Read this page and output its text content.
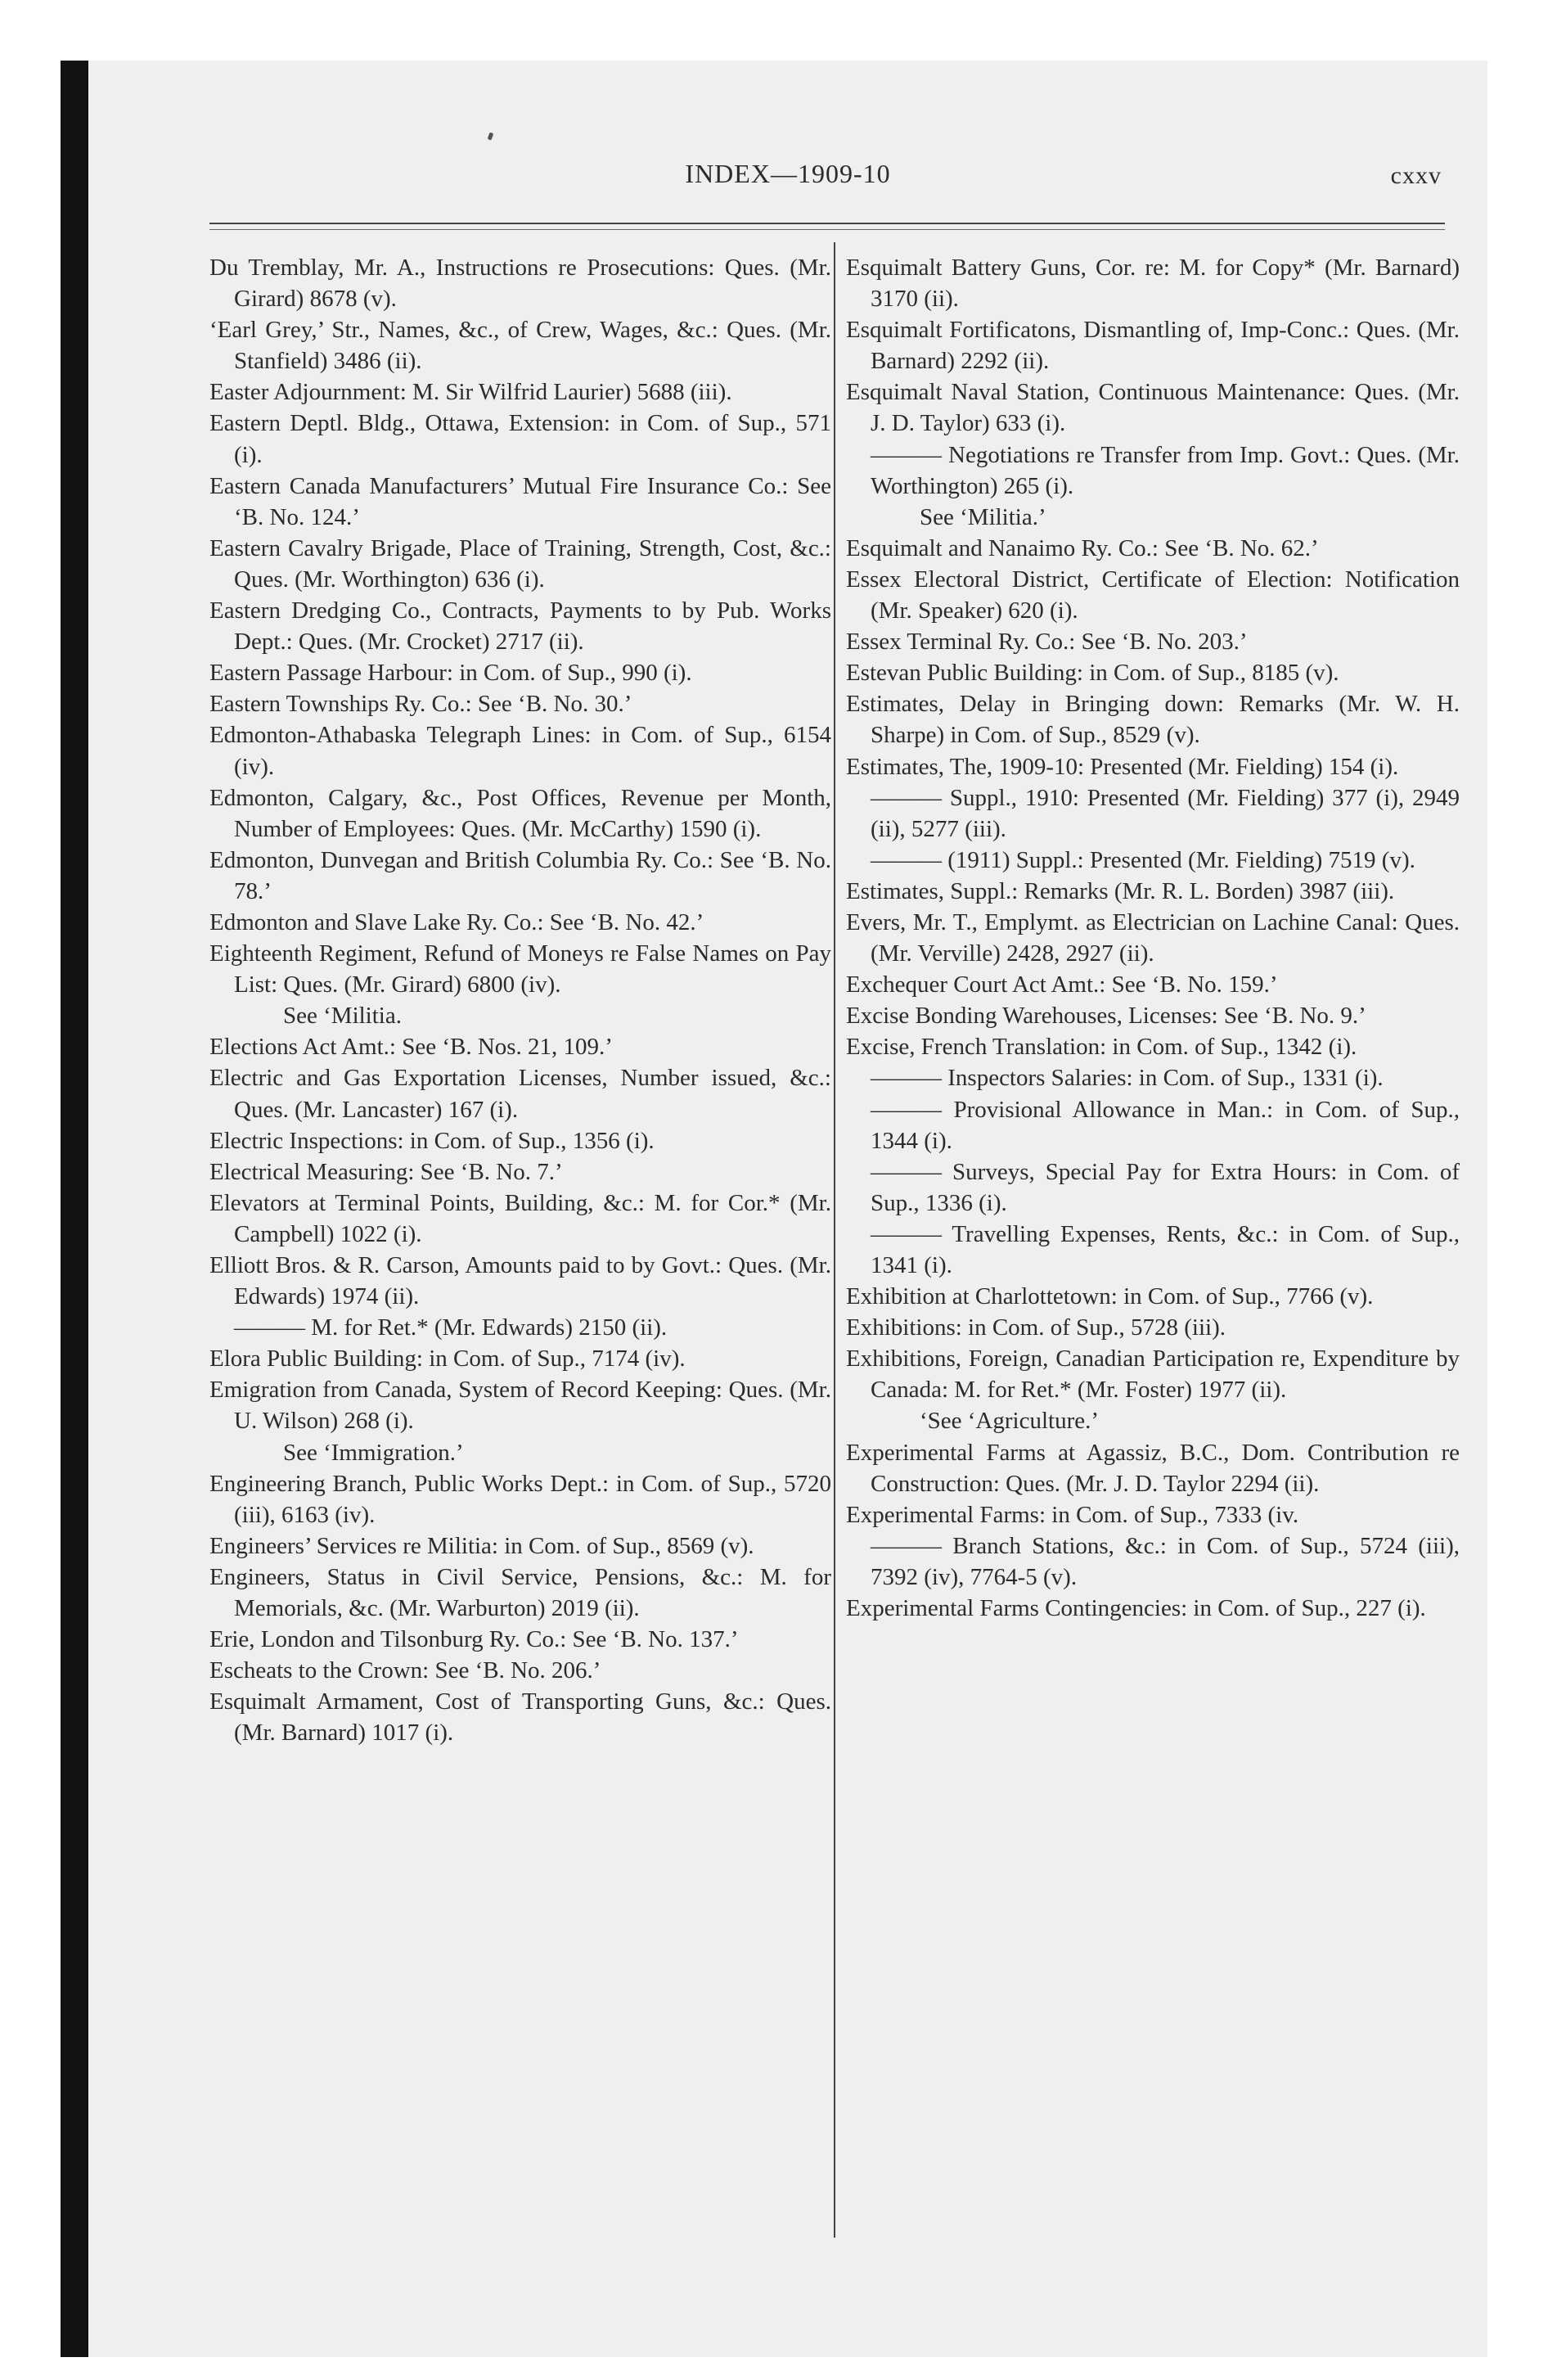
INDEX—1909-10	cxxv

Du Tremblay, Mr. A., Instructions re Prosecutions: Ques. (Mr. Girard) 8678 (v).

‘Earl Grey,’ Str., Names, &c., of Crew, Wages, &c.: Ques. (Mr. Stanfield) 3486 (ii).

Easter Adjournment: M. Sir Wilfrid Laurier) 5688 (iii).

Eastern Deptl. Bldg., Ottawa, Extension: in Com. of Sup., 571 (i).

Eastern Canada Manufacturers’ Mutual Fire Insurance Co.: See ‘B. No. 124.’

Eastern Cavalry Brigade, Place of Training, Strength, Cost, &c.: Ques. (Mr. Worthington) 636 (i).

Eastern Dredging Co., Contracts, Payments to by Pub. Works Dept.: Ques. (Mr. Crocket) 2717 (ii).

Eastern Passage Harbour: in Com. of Sup., 990 (i).

Eastern Townships Ry. Co.: See ‘B. No. 30.’

Edmonton-Athabaska Telegraph Lines: in Com. of Sup., 6154 (iv).

Edmonton, Calgary, &c., Post Offices, Revenue per Month, Number of Employees: Ques. (Mr. McCarthy) 1590 (i).

Edmonton, Dunvegan and British Columbia Ry. Co.: See ‘B. No. 78.’

Edmonton and Slave Lake Ry. Co.: See ‘B. No. 42.’

Eighteenth Regiment, Refund of Moneys re False Names on Pay List: Ques. (Mr. Girard) 6800 (iv).

See ‘Militia.

Elections Act Amt.: See ‘B. Nos. 21, 109.’

Electric and Gas Exportation Licenses, Number issued, &c.: Ques. (Mr. Lancaster) 167 (i).

Electric Inspections: in Com. of Sup., 1356 (i).

Electrical Measuring: See ‘B. No. 7.’

Elevators at Terminal Points, Building, &c.: M. for Cor.* (Mr. Campbell) 1022 (i).

Elliott Bros. & R. Carson, Amounts paid to by Govt.: Ques. (Mr. Edwards) 1974 (ii).

——— M. for Ret.* (Mr. Edwards) 2150 (ii).

Elora Public Building: in Com. of Sup., 7174 (iv).

Emigration from Canada, System of Record Keeping: Ques. (Mr. U. Wilson) 268 (i).

See ‘Immigration.’

Engineering Branch, Public Works Dept.: in Com. of Sup., 5720 (iii), 6163 (iv).

Engineers’ Services re Militia: in Com. of Sup., 8569 (v).

Engineers, Status in Civil Service, Pensions, &c.: M. for Memorials, &c. (Mr. Warburton) 2019 (ii).

Erie, London and Tilsonburg Ry. Co.: See ‘B. No. 137.’

Escheats to the Crown: See ‘B. No. 206.’

Esquimalt Armament, Cost of Transporting Guns, &c.: Ques. (Mr. Barnard) 1017 (i).

Esquimalt Battery Guns, Cor. re: M. for Copy* (Mr. Barnard) 3170 (ii).

Esquimalt Fortificatons, Dismantling of, Imp-Conc.: Ques. (Mr. Barnard) 2292 (ii).

Esquimalt Naval Station, Continuous Maintenance: Ques. (Mr. J. D. Taylor) 633 (i).

——— Negotiations re Transfer from Imp. Govt.: Ques. (Mr. Worthington) 265 (i).

See ‘Militia.’

Esquimalt and Nanaimo Ry. Co.: See ‘B. No. 62.’

Essex Electoral District, Certificate of Election: Notification (Mr. Speaker) 620 (i).

Essex Terminal Ry. Co.: See ‘B. No. 203.’

Estevan Public Building: in Com. of Sup., 8185 (v).

Estimates, Delay in Bringing down: Remarks (Mr. W. H. Sharpe) in Com. of Sup., 8529 (v).

Estimates, The, 1909-10: Presented (Mr. Fielding) 154 (i).

——— Suppl., 1910: Presented (Mr. Fielding) 377 (i), 2949 (ii), 5277 (iii).

——— (1911) Suppl.: Presented (Mr. Fielding) 7519 (v).

Estimates, Suppl.: Remarks (Mr. R. L. Borden) 3987 (iii).

Evers, Mr. T., Emplymt. as Electrician on Lachine Canal: Ques. (Mr. Verville) 2428, 2927 (ii).

Exchequer Court Act Amt.: See ‘B. No. 159.’

Excise Bonding Warehouses, Licenses: See ‘B. No. 9.’

Excise, French Translation: in Com. of Sup., 1342 (i).

——— Inspectors Salaries: in Com. of Sup., 1331 (i).

——— Provisional Allowance in Man.: in Com. of Sup., 1344 (i).

——— Surveys, Special Pay for Extra Hours: in Com. of Sup., 1336 (i).

——— Travelling Expenses, Rents, &c.: in Com. of Sup., 1341 (i).

Exhibition at Charlottetown: in Com. of Sup., 7766 (v).

Exhibitions: in Com. of Sup., 5728 (iii).

Exhibitions, Foreign, Canadian Participation re, Expenditure by Canada: M. for Ret.* (Mr. Foster) 1977 (ii).

‘See ‘Agriculture.’

Experimental Farms at Agassiz, B.C., Dom. Contribution re Construction: Ques. (Mr. J. D. Taylor 2294 (ii).

Experimental Farms: in Com. of Sup., 7333 (iv.

——— Branch Stations, &c.: in Com. of Sup., 5724 (iii), 7392 (iv), 7764-5 (v).

Experimental Farms Contingencies: in Com. of Sup., 227 (i).
